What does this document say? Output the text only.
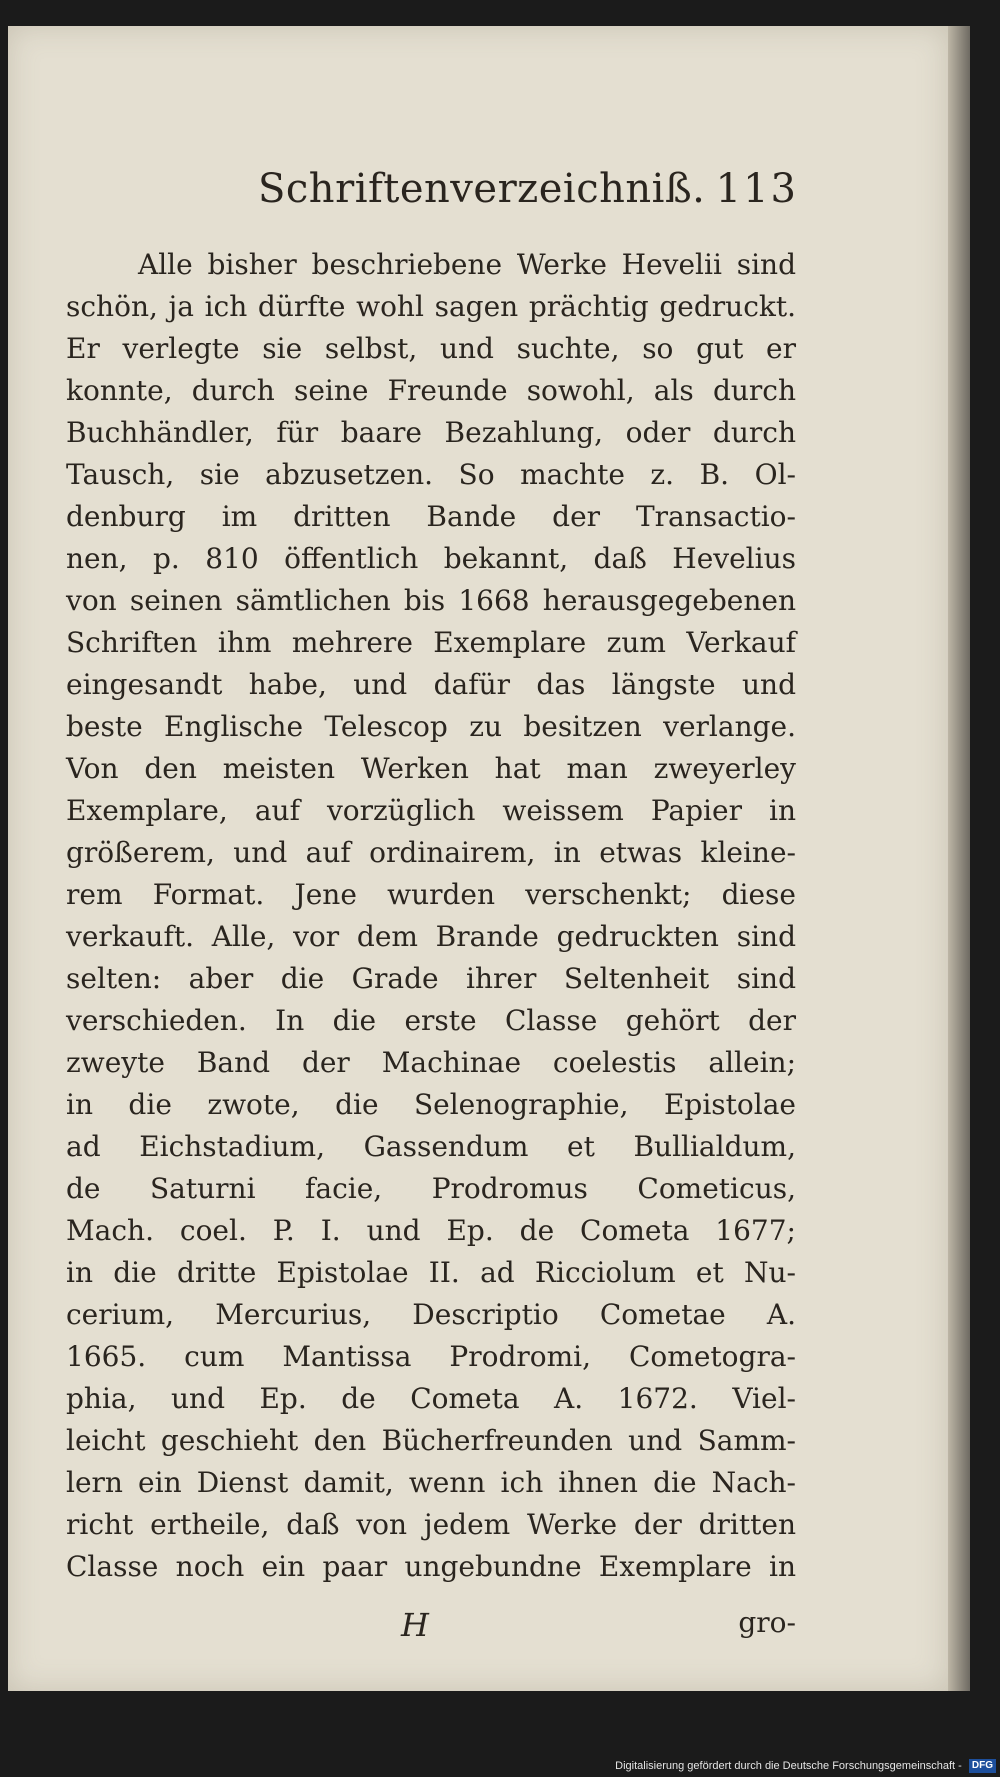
Schriftenverzeichniß. 113
Alle bisher beschriebene Werke Hevelii sind
schön, ja ich dürfte wohl sagen prächtig gedruckt.
Er verlegte sie selbst, und suchte, so gut er
konnte, durch seine Freunde sowohl, als durch
Buchhändler, für baare Bezahlung, oder durch
Tausch, sie abzusetzen. So machte z. B. Ol-
denburg im dritten Bande der Transactio-
nen, p. 810 öffentlich bekannt, daß Hevelius
von seinen sämtlichen bis 1668 herausgegebenen
Schriften ihm mehrere Exemplare zum Verkauf
eingesandt habe, und dafür das längste und
beste Englische Telescop zu besitzen verlange.
Von den meisten Werken hat man zweyerley
Exemplare, auf vorzüglich weissem Papier in
größerem, und auf ordinairem, in etwas kleine-
rem Format. Jene wurden verschenkt; diese
verkauft. Alle, vor dem Brande gedruckten sind
selten: aber die Grade ihrer Seltenheit sind
verschieden. In die erste Classe gehört der
zweyte Band der Machinae coelestis allein;
in die zwote, die Selenographie, Epistolae
ad Eichstadium, Gassendum et Bullialdum,
de Saturni facie, Prodromus Cometicus,
Mach. coel. P. I. und Ep. de Cometa 1677;
in die dritte Epistolae II. ad Ricciolum et Nu-
cerium, Mercurius, Descriptio Cometae A.
1665. cum Mantissa Prodromi, Cometogra-
phia, und Ep. de Cometa A. 1672. Viel-
leicht geschieht den Bücherfreunden und Samm-
lern ein Dienst damit, wenn ich ihnen die Nach-
richt ertheile, daß von jedem Werke der dritten
Classe noch ein paar ungebundne Exemplare in
H	gro-
Digitalisierung gefördert durch die Deutsche Forschungsgemeinschaft - DFG
